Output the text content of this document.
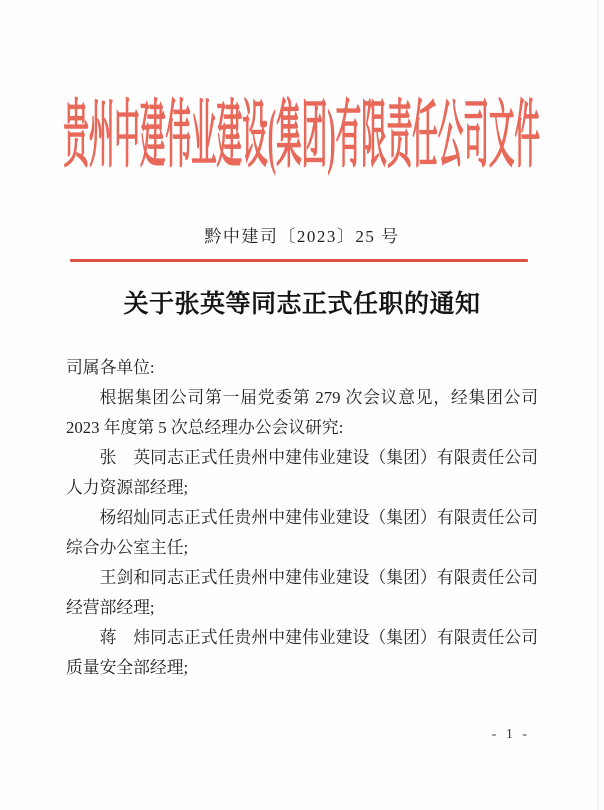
贵州中建伟业建设(集团)有限责任公司文件
黔中建司〔2023〕25 号
关于张英等同志正式任职的通知

司属各单位:

根据集团公司第一届党委第 279 次会议意见，经集团公司 2023 年度第 5 次总经理办公会议研究:

张　英同志正式任贵州中建伟业建设（集团）有限责任公司人力资源部经理;

杨绍灿同志正式任贵州中建伟业建设（集团）有限责任公司综合办公室主任;

王剑和同志正式任贵州中建伟业建设（集团）有限责任公司经营部经理;

蒋　炜同志正式任贵州中建伟业建设（集团）有限责任公司质量安全部经理;

- 1 -
